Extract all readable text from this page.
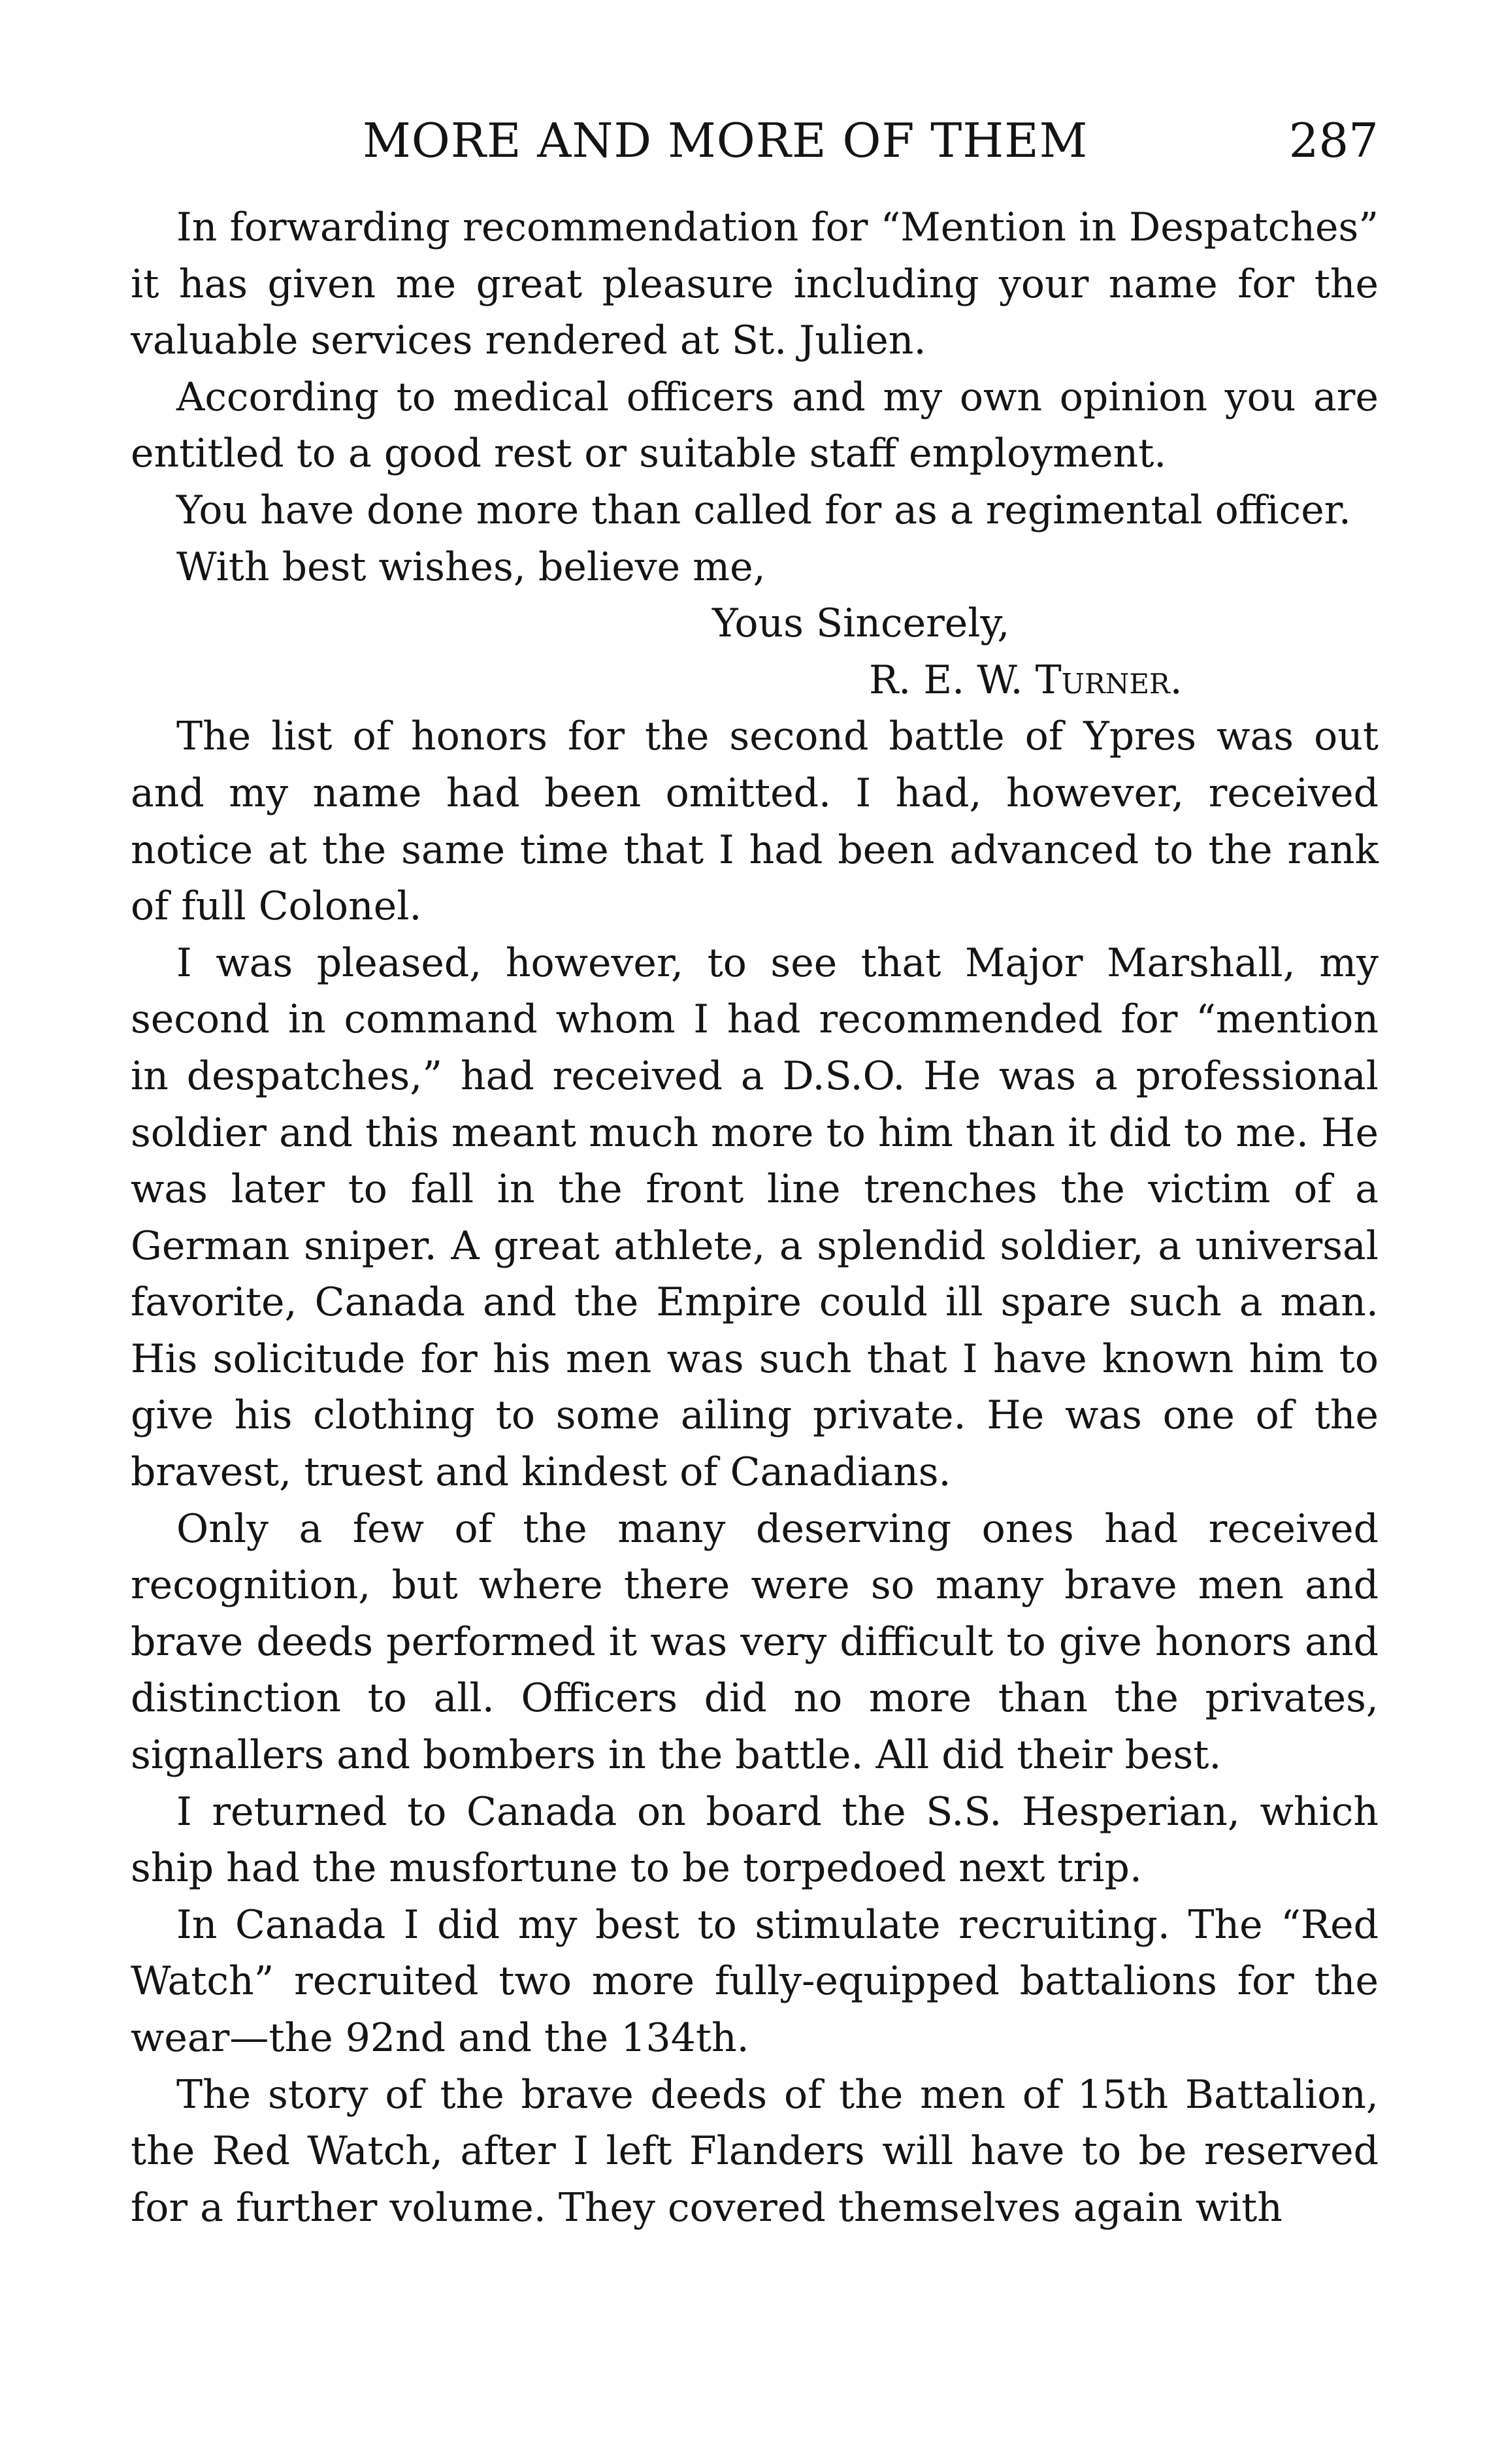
MORE AND MORE OF THEM	287

In forwarding recommendation for “Mention in Despatches” it has given me great pleasure including your name for the valuable services rendered at St. Julien.

According to medical officers and my own opinion you are entitled to a good rest or suitable staff employment.

You have done more than called for as a regimental officer.

With best wishes, believe me,

Yous Sincerely,
R. E. W. Turner.

The list of honors for the second battle of Ypres was out and my name had been omitted. I had, however, received notice at the same time that I had been advanced to the rank of full Colonel.

I was pleased, however, to see that Major Marshall, my second in command whom I had recommended for “mention in despatches,” had received a D.S.O. He was a professional soldier and this meant much more to him than it did to me. He was later to fall in the front line trenches the victim of a German sniper. A great athlete, a splendid soldier, a universal favorite, Canada and the Empire could ill spare such a man. His solicitude for his men was such that I have known him to give his clothing to some ailing private. He was one of the bravest, truest and kindest of Canadians.

Only a few of the many deserving ones had received recognition, but where there were so many brave men and brave deeds performed it was very difficult to give honors and distinction to all. Officers did no more than the privates, signallers and bombers in the battle. All did their best.

I returned to Canada on board the S.S. Hesperian, which ship had the musfortune to be torpedoed next trip.

In Canada I did my best to stimulate recruiting. The “Red Watch” recruited two more fully-equipped battalions for the wear—the 92nd and the 134th.

The story of the brave deeds of the men of 15th Battalion, the Red Watch, after I left Flanders will have to be reserved for a further volume. They covered themselves again with
